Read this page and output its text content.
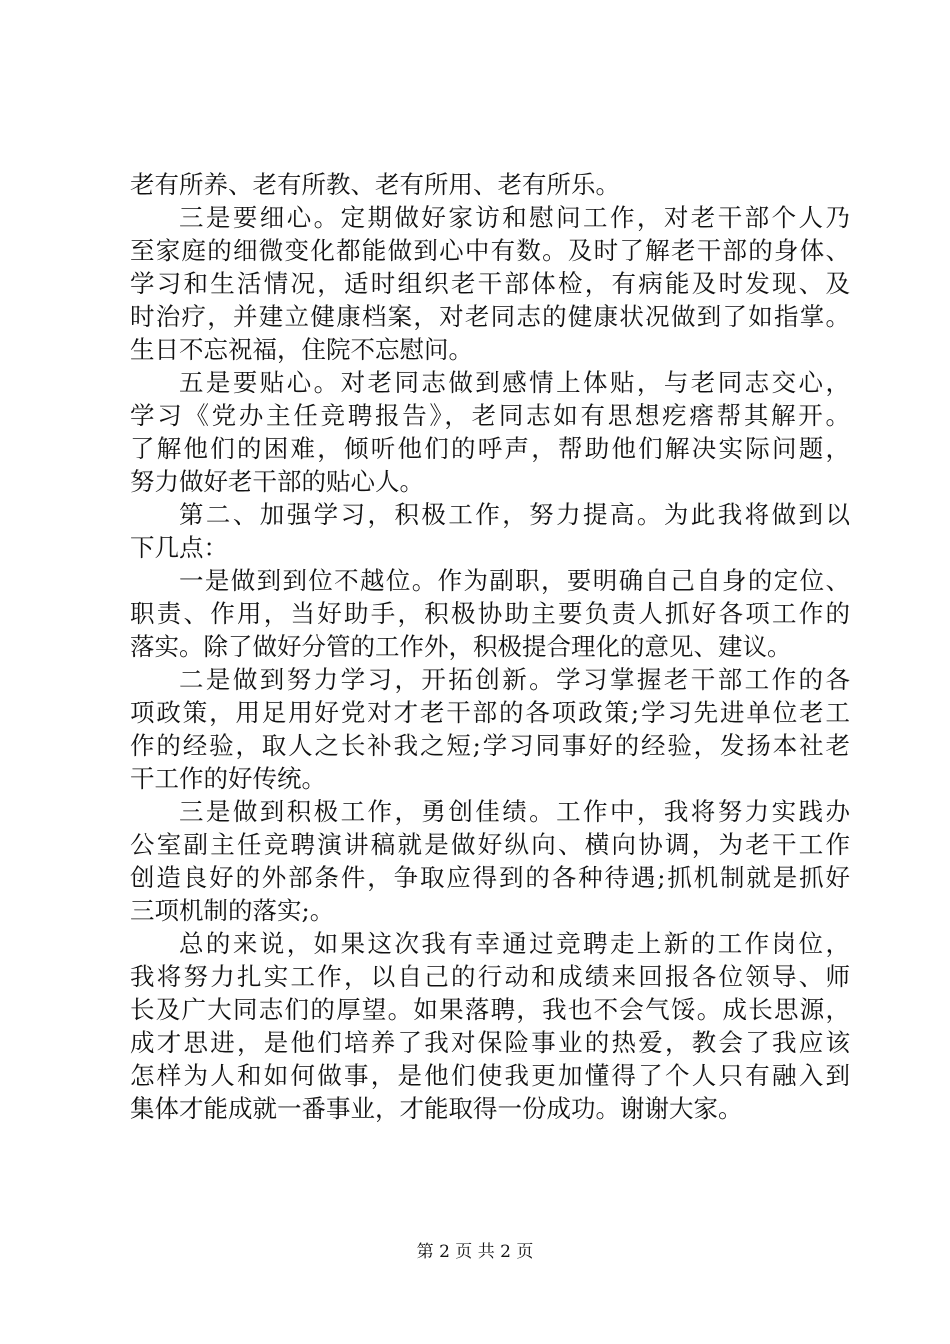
老有所养、老有所教、老有所用、老有所乐。
三是要细心。定期做好家访和慰问工作，对老干部个人乃
至家庭的细微变化都能做到心中有数。及时了解老干部的身体、
学习和生活情况，适时组织老干部体检，有病能及时发现、及
时治疗，并建立健康档案，对老同志的健康状况做到了如指掌。
生日不忘祝福，住院不忘慰问。
五是要贴心。对老同志做到感情上体贴，与老同志交心，
学习《党办主任竞聘报告》，老同志如有思想疙瘩帮其解开。
了解他们的困难，倾听他们的呼声，帮助他们解决实际问题，
努力做好老干部的贴心人。
第二、加强学习，积极工作，努力提高。为此我将做到以
下几点：
一是做到到位不越位。作为副职，要明确自己自身的定位、
职责、作用，当好助手，积极协助主要负责人抓好各项工作的
落实。除了做好分管的工作外，积极提合理化的意见、建议。
二是做到努力学习，开拓创新。学习掌握老干部工作的各
项政策，用足用好党对才老干部的各项政策;学习先进单位老工
作的经验，取人之长补我之短;学习同事好的经验，发扬本社老
干工作的好传统。
三是做到积极工作，勇创佳绩。工作中，我将努力实践办
公室副主任竞聘演讲稿就是做好纵向、横向协调，为老干工作
创造良好的外部条件，争取应得到的各种待遇;抓机制就是抓好
三项机制的落实;。
总的来说，如果这次我有幸通过竞聘走上新的工作岗位，
我将努力扎实工作，以自己的行动和成绩来回报各位领导、师
长及广大同志们的厚望。如果落聘，我也不会气馁。成长思源，
成才思进，是他们培养了我对保险事业的热爱，教会了我应该
怎样为人和如何做事，是他们使我更加懂得了个人只有融入到
集体才能成就一番事业，才能取得一份成功。谢谢大家。
第 2 页 共 2 页
